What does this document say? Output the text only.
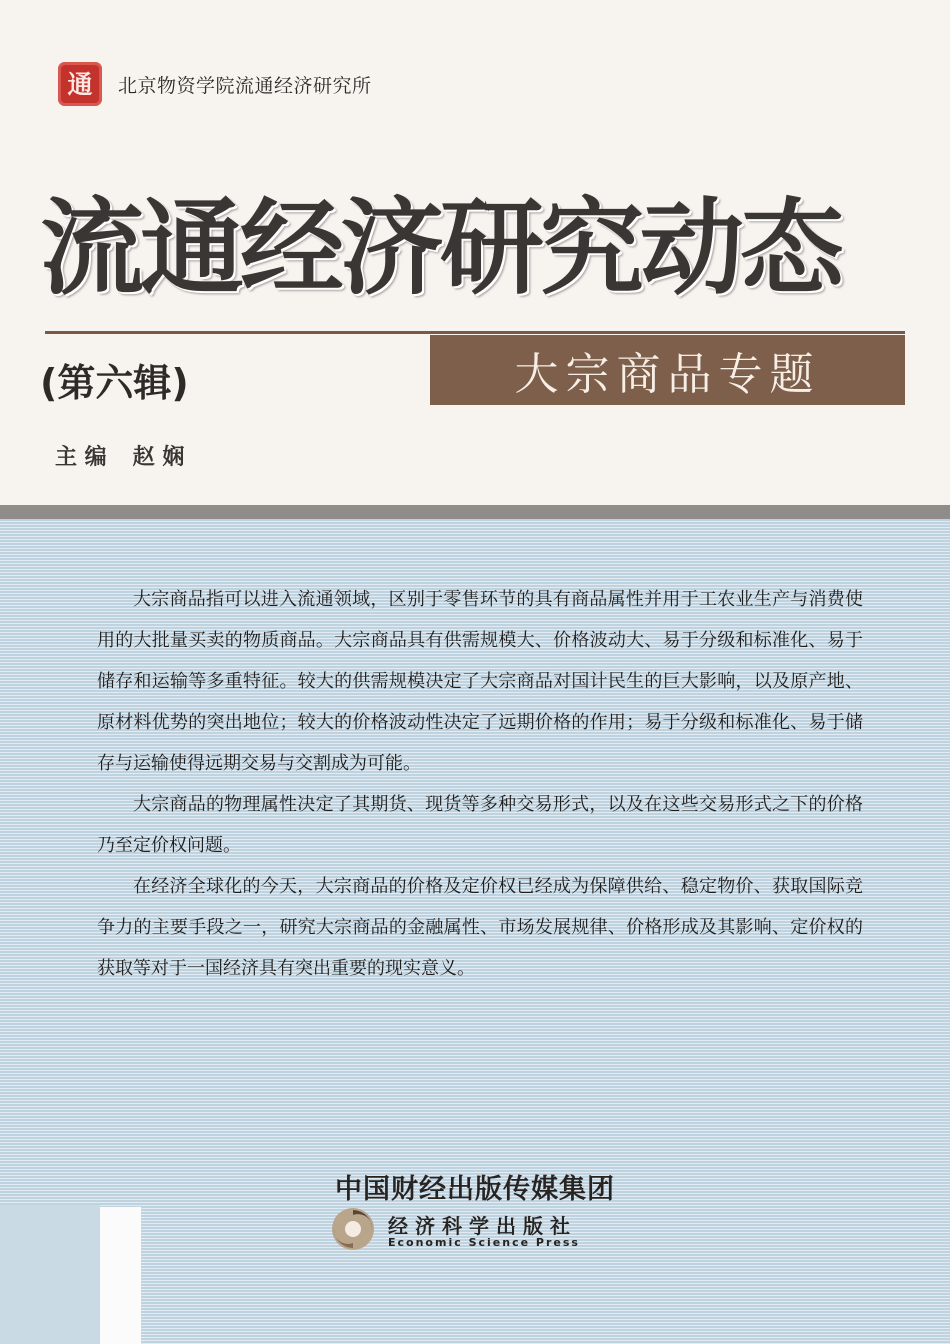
通 北京物资学院流通经济研究所
流通经济研究动态
大宗商品专题
(第六辑)
主 编 赵 娴

大宗商品指可以进入流通领域，区别于零售环节的具有商品属性并用于工农业生产与消费使用的大批量买卖的物质商品。大宗商品具有供需规模大、价格波动大、易于分级和标准化、易于储存和运输等多重特征。较大的供需规模决定了大宗商品对国计民生的巨大影响，以及原产地、原材料优势的突出地位；较大的价格波动性决定了远期价格的作用；易于分级和标准化、易于储存与运输使得远期交易与交割成为可能。

大宗商品的物理属性决定了其期货、现货等多种交易形式，以及在这些交易形式之下的价格乃至定价权问题。

在经济全球化的今天，大宗商品的价格及定价权已经成为保障供给、稳定物价、获取国际竞争力的主要手段之一，研究大宗商品的金融属性、市场发展规律、价格形成及其影响、定价权的获取等对于一国经济具有突出重要的现实意义。

中国财经出版传媒集团
经济科学出版社
Economic Science Press
